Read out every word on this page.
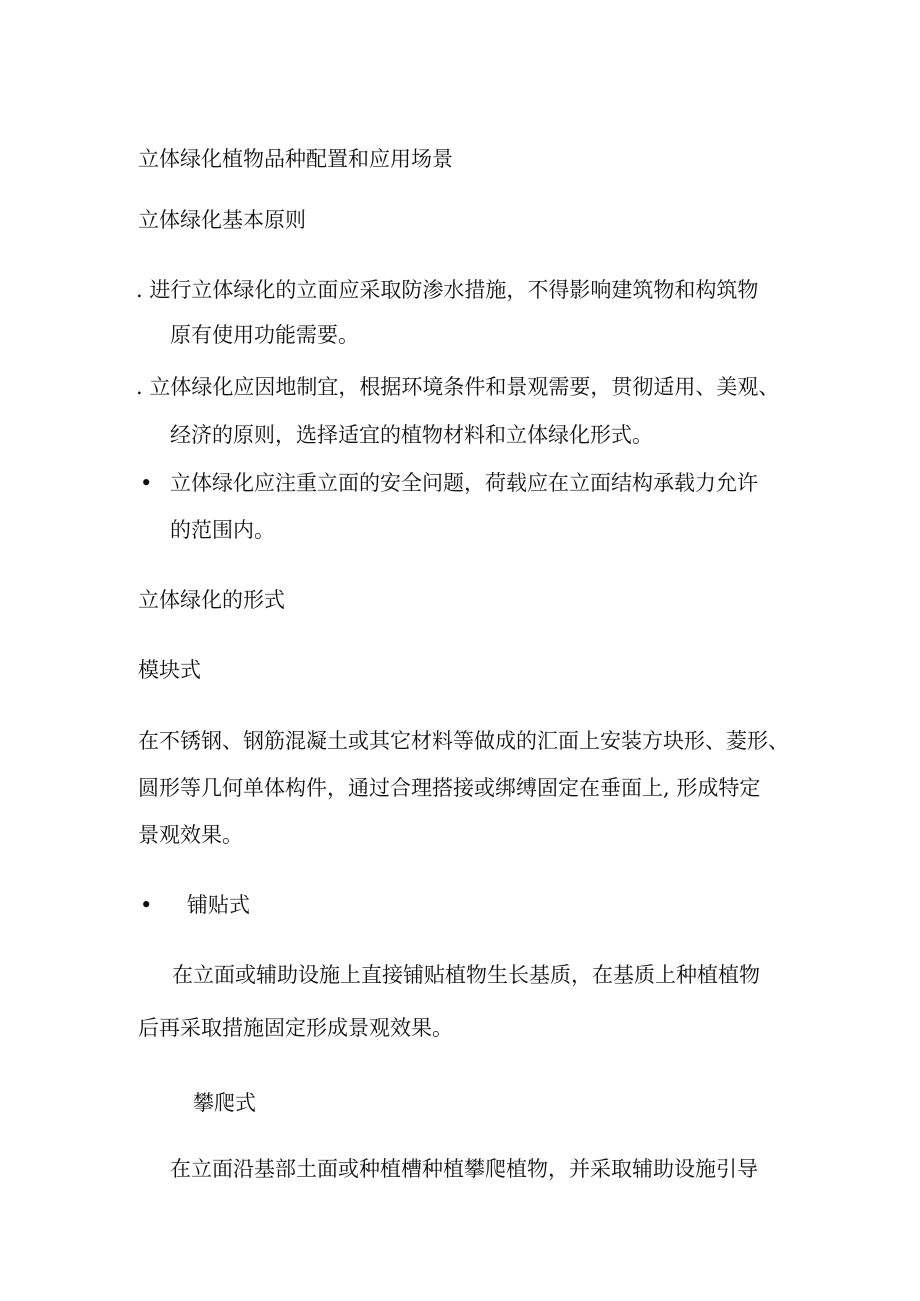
立体绿化植物品种配置和应用场景
立体绿化基本原则
. 进行立体绿化的立面应采取防渗水措施，不得影响建筑物和构筑物
原有使用功能需要。
. 立体绿化应因地制宜，根据环境条件和景观需要，贯彻适用、美观、
经济的原则，选择适宜的植物材料和立体绿化形式。
• 立体绿化应注重立面的安全问题，荷载应在立面结构承载力允许
的范围内。
立体绿化的形式
模块式
在不锈钢、钢筋混凝土或其它材料等做成的汇面上安装方块形、菱形、
圆形等几何单体构件，通过合理搭接或绑缚固定在垂面上, 形成特定
景观效果。
• 铺贴式
在立面或辅助设施上直接铺贴植物生长基质，在基质上种植植物
后再采取措施固定形成景观效果。
攀爬式
在立面沿基部土面或种植槽种植攀爬植物，并采取辅助设施引导
